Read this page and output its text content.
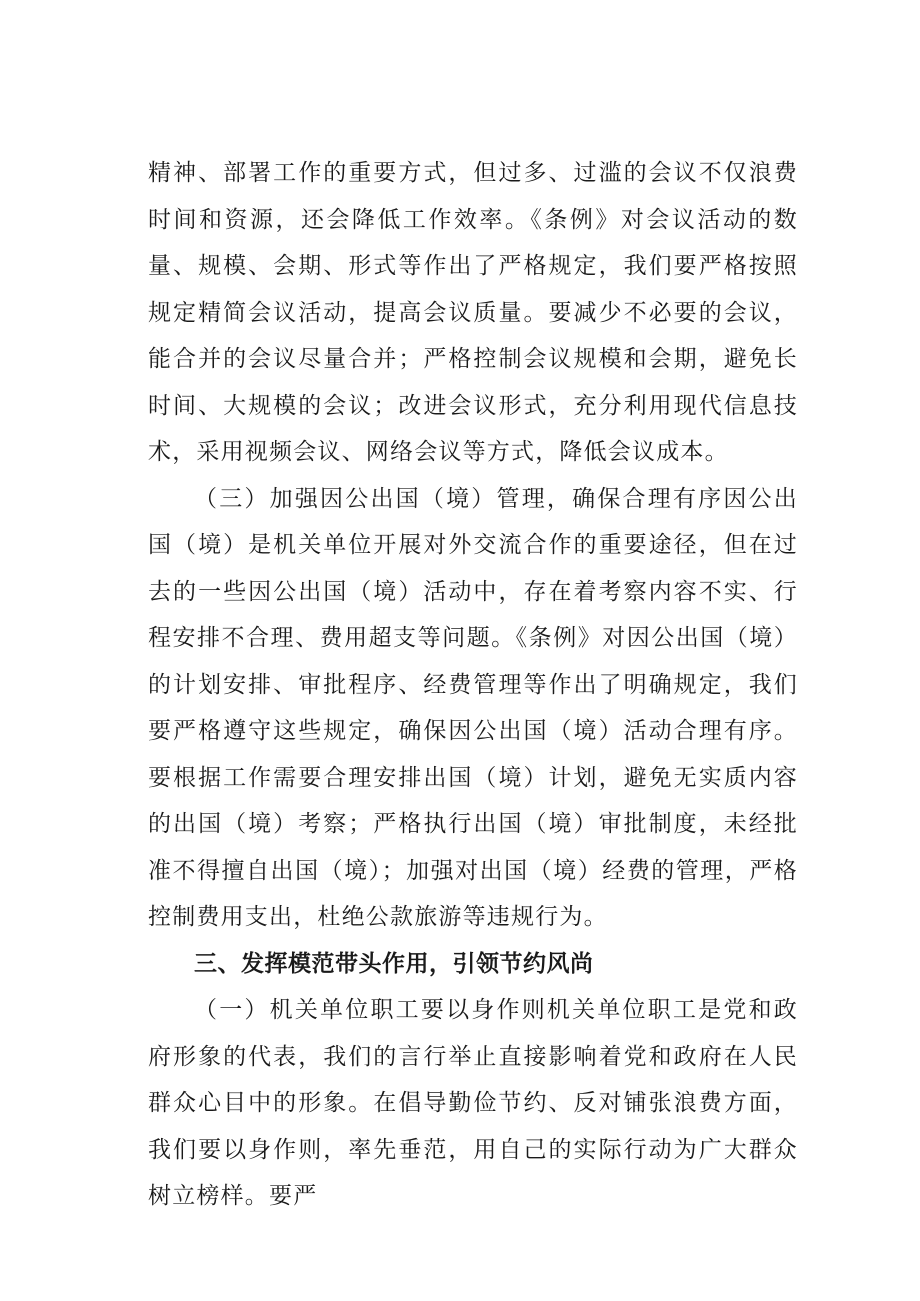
精神、部署工作的重要方式，但过多、过滥的会议不仅浪费时间和资源，还会降低工作效率。《条例》对会议活动的数量、规模、会期、形式等作出了严格规定，我们要严格按照规定精简会议活动，提高会议质量。要减少不必要的会议，能合并的会议尽量合并；严格控制会议规模和会期，避免长时间、大规模的会议；改进会议形式，充分利用现代信息技术，采用视频会议、网络会议等方式，降低会议成本。

（三）加强因公出国（境）管理，确保合理有序因公出国（境）是机关单位开展对外交流合作的重要途径，但在过去的一些因公出国（境）活动中，存在着考察内容不实、行程安排不合理、费用超支等问题。《条例》对因公出国（境）的计划安排、审批程序、经费管理等作出了明确规定，我们要严格遵守这些规定，确保因公出国（境）活动合理有序。要根据工作需要合理安排出国（境）计划，避免无实质内容的出国（境）考察；严格执行出国（境）审批制度，未经批准不得擅自出国（境）；加强对出国（境）经费的管理，严格控制费用支出，杜绝公款旅游等违规行为。

三、发挥模范带头作用，引领节约风尚

（一）机关单位职工要以身作则机关单位职工是党和政府形象的代表，我们的言行举止直接影响着党和政府在人民群众心目中的形象。在倡导勤俭节约、反对铺张浪费方面，我们要以身作则，率先垂范，用自己的实际行动为广大群众树立榜样。要严
